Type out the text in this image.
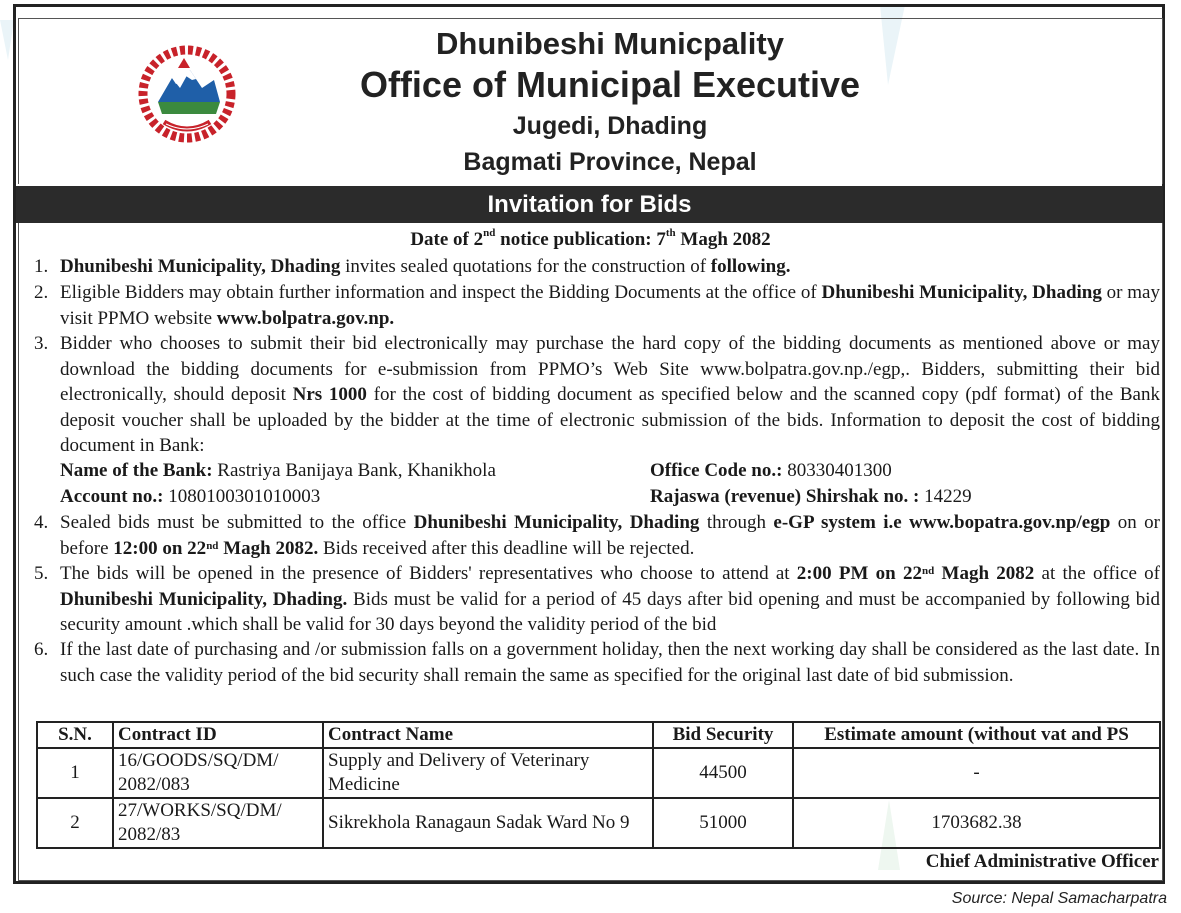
Dhunibeshi Municpality
Office of Municipal Executive
Jugedi, Dhading
Bagmati Province, Nepal
Invitation for Bids
Date of 2nd notice publication: 7th Magh 2082
1. Dhunibeshi Municipality, Dhading invites sealed quotations for the construction of following.
2. Eligible Bidders may obtain further information and inspect the Bidding Documents at the office of Dhunibeshi Municipality, Dhading or may visit PPMO website www.bolpatra.gov.np.
3. Bidder who chooses to submit their bid electronically may purchase the hard copy of the bidding documents as mentioned above or may download the bidding documents for e-submission from PPMO’s Web Site www.bolpatra.gov.np./egp,. Bidders, submitting their bid electronically, should deposit Nrs 1000 for the cost of bidding document as specified below and the scanned copy (pdf format) of the Bank deposit voucher shall be uploaded by the bidder at the time of electronic submission of the bids. Information to deposit the cost of bidding document in Bank:
Name of the Bank: Rastriya Banijaya Bank, Khanikhola	Office Code no.: 80330401300
Account no.: 1080100301010003	Rajaswa (revenue) Shirshak no. : 14229
4. Sealed bids must be submitted to the office Dhunibeshi Municipality, Dhading through e-GP system i.e www.bopatra.gov.np/egp on or before 12:00 on 22nd Magh 2082. Bids received after this deadline will be rejected.
5. The bids will be opened in the presence of Bidders' representatives who choose to attend at 2:00 PM on 22nd Magh 2082 at the office of Dhunibeshi Municipality, Dhading. Bids must be valid for a period of 45 days after bid opening and must be accompanied by following bid security amount .which shall be valid for 30 days beyond the validity period of the bid
6. If the last date of purchasing and /or submission falls on a government holiday, then the next working day shall be considered as the last date. In such case the validity period of the bid security shall remain the same as specified for the original last date of bid submission.
S.N.	Contract ID	Contract Name	Bid Security	Estimate amount (without vat and PS
1	16/GOODS/SQ/DM/ 2082/083	Supply and Delivery of Veterinary Medicine	44500	-
2	27/WORKS/SQ/DM/ 2082/83	Sikrekhola Ranagaun Sadak Ward No 9	51000	1703682.38
Chief Administrative Officer
Source: Nepal Samacharpatra
